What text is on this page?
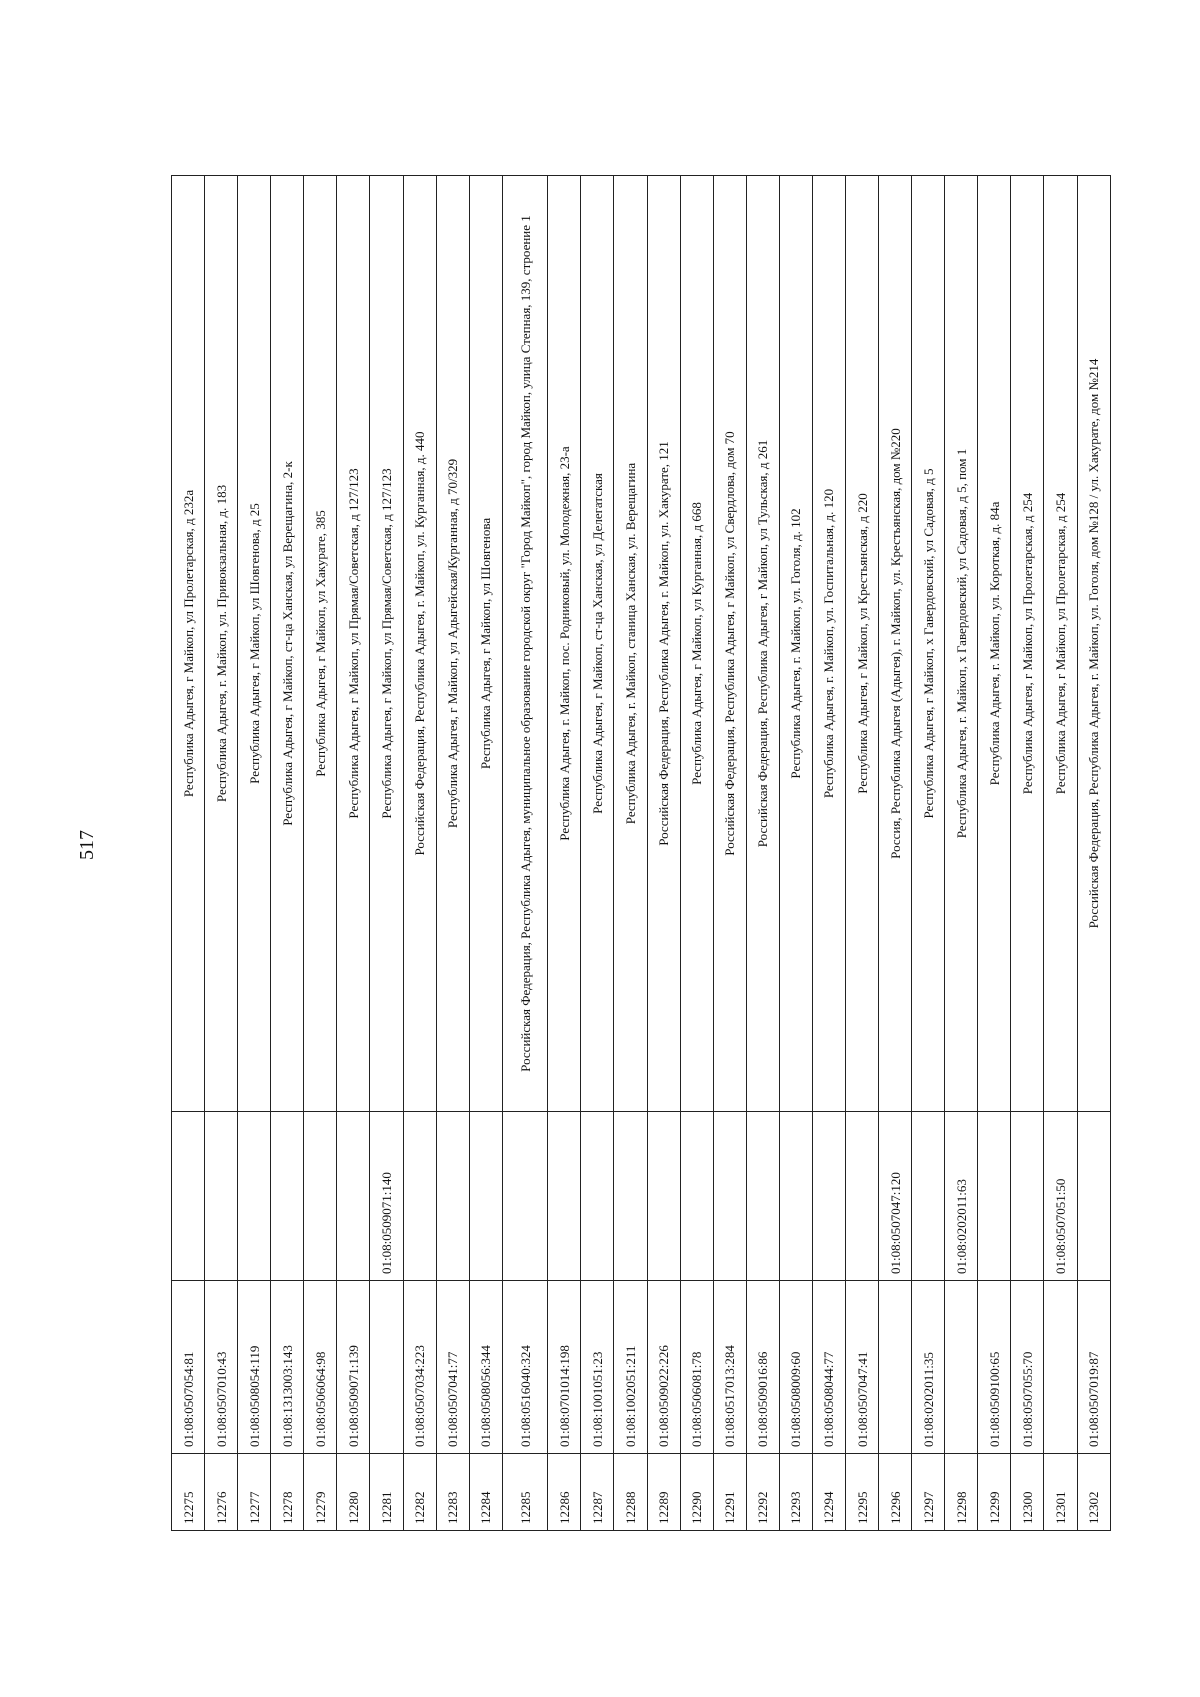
517
12275	01:08:0507054:81		Республика Адыгея, г Майкоп, ул Пролетарская, д 232а
12276	01:08:0507010:43		Республика Адыгея, г. Майкоп, ул. Привокзальная, д. 183
12277	01:08:0508054:119		Республика Адыгея, г Майкоп, ул Шовгенова, д 25
12278	01:08:1313003:143		Республика Адыгея, г Майкоп, ст-ца Ханская, ул Верещагина, 2-к
12279	01:08:0506064:98		Республика Адыгея, г Майкоп, ул Хакурате, 385
12280	01:08:0509071:139		Республика Адыгея, г Майкоп, ул Прямая/Советская, д 127/123
12281		01:08:0509071:140	Республика Адыгея, г Майкоп, ул Прямая/Советская, д 127/123
12282	01:08:0507034:223		Российская Федерация, Республика Адыгея, г. Майкоп, ул. Курганная, д. 440
12283	01:08:0507041:77		Республика Адыгея, г Майкоп, ул Адыгейская/Курганная, д 70/329
12284	01:08:0508056:344		Республика Адыгея, г Майкоп, ул Шовгенова
12285	01:08:0516040:324		Российская Федерация, Республика Адыгея, муниципальное образование городской округ "Город Майкоп", город Майкоп, улица Степная, 139, строение 1
12286	01:08:0701014:198		Республика Адыгея, г. Майкоп, пос. Родниковый, ул. Молодежная, 23-а
12287	01:08:1001051:23		Республика Адыгея, г Майкоп, ст-ца Ханская, ул Делегатская
12288	01:08:1002051:211		Республика Адыгея, г. Майкоп, станица Ханская, ул. Верещагина
12289	01:08:0509022:226		Российская Федерация, Республика Адыгея, г. Майкоп, ул. Хакурате, 121
12290	01:08:0506081:78		Республика Адыгея, г Майкоп, ул Курганная, д 668
12291	01:08:0517013:284		Российская Федерация, Республика Адыгея, г Майкоп, ул Свердлова, дом 70
12292	01:08:0509016:86		Российская Федерация, Республика Адыгея, г Майкоп, ул Тульская, д 261
12293	01:08:0508009:60		Республика Адыгея, г. Майкоп, ул. Гоголя, д. 102
12294	01:08:0508044:77		Республика Адыгея, г. Майкоп, ул. Госпитальная, д. 120
12295	01:08:0507047:41		Республика Адыгея, г Майкоп, ул Крестьянская, д 220
12296		01:08:0507047:120	Россия, Республика Адыгея (Адыгея), г. Майкоп, ул. Крестьянская, дом №220
12297	01:08:0202011:35		Республика Адыгея, г Майкоп, х Гавердовский, ул Садовая, д 5
12298		01:08:0202011:63	Республика Адыгея, г. Майкоп, х Гавердовский, ул Садовая, д 5, пом 1
12299	01:08:0509100:65		Республика Адыгея, г. Майкоп, ул. Короткая, д. 84а
12300	01:08:0507055:70		Республика Адыгея, г Майкоп, ул Пролетарская, д 254
12301		01:08:0507051:50	Республика Адыгея, г Майкоп, ул Пролетарская, д 254
12302	01:08:0507019:87		Российская Федерация, Республика Адыгея, г. Майкоп, ул. Гоголя, дом №128 / ул. Хакурате, дом №214
